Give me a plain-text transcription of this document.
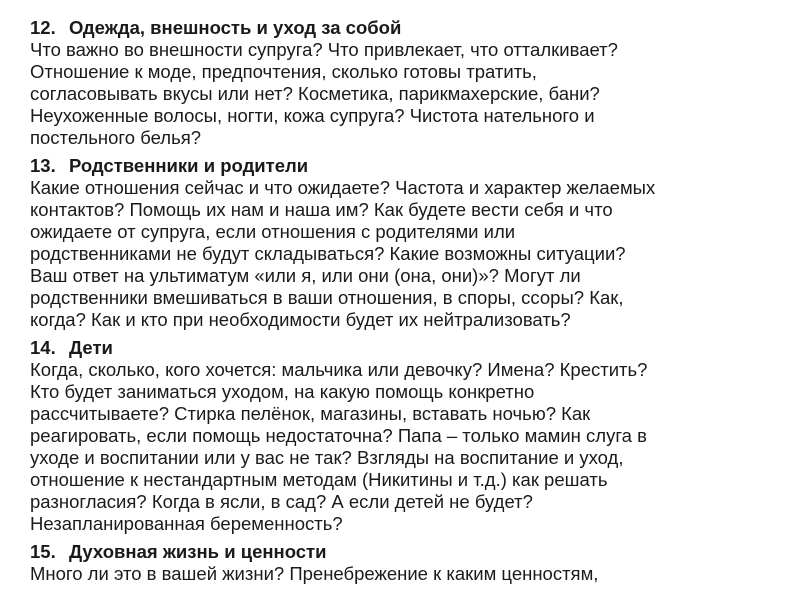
12. Одежда, внешность и уход за собой
Что важно во внешности супруга? Что привлекает, что отталкивает?
Отношение к моде, предпочтения, сколько готовы тратить,
согласовывать вкусы или нет? Косметика, парикмахерские, бани?
Неухоженные волосы, ногти, кожа супруга? Чистота нательного и
постельного белья?
13. Родственники и родители
Какие отношения сейчас и что ожидаете? Частота и характер желаемых
контактов? Помощь их нам и наша им? Как будете вести себя и что
ожидаете от супруга, если отношения с родителями или
родственниками не будут складываться? Какие возможны ситуации?
Ваш ответ на ультиматум «или я, или они (она, они)»? Могут ли
родственники вмешиваться в ваши отношения, в споры, ссоры? Как,
когда? Как и кто при необходимости будет их нейтрализовать?
14. Дети
Когда, сколько, кого хочется: мальчика или девочку? Имена? Крестить?
Кто будет заниматься уходом, на какую помощь конкретно
рассчитываете? Стирка пелёнок, магазины, вставать ночью? Как
реагировать, если помощь недостаточна? Папа – только мамин слуга в
уходе и воспитании или у вас не так? Взгляды на воспитание и уход,
отношение к нестандартным методам (Никитины и т.д.) как решать
разногласия? Когда в ясли, в сад? А если детей не будет?
Незапланированная беременность?
15. Духовная жизнь и ценности
Много ли это в вашей жизни? Пренебрежение к каким ценностям,
